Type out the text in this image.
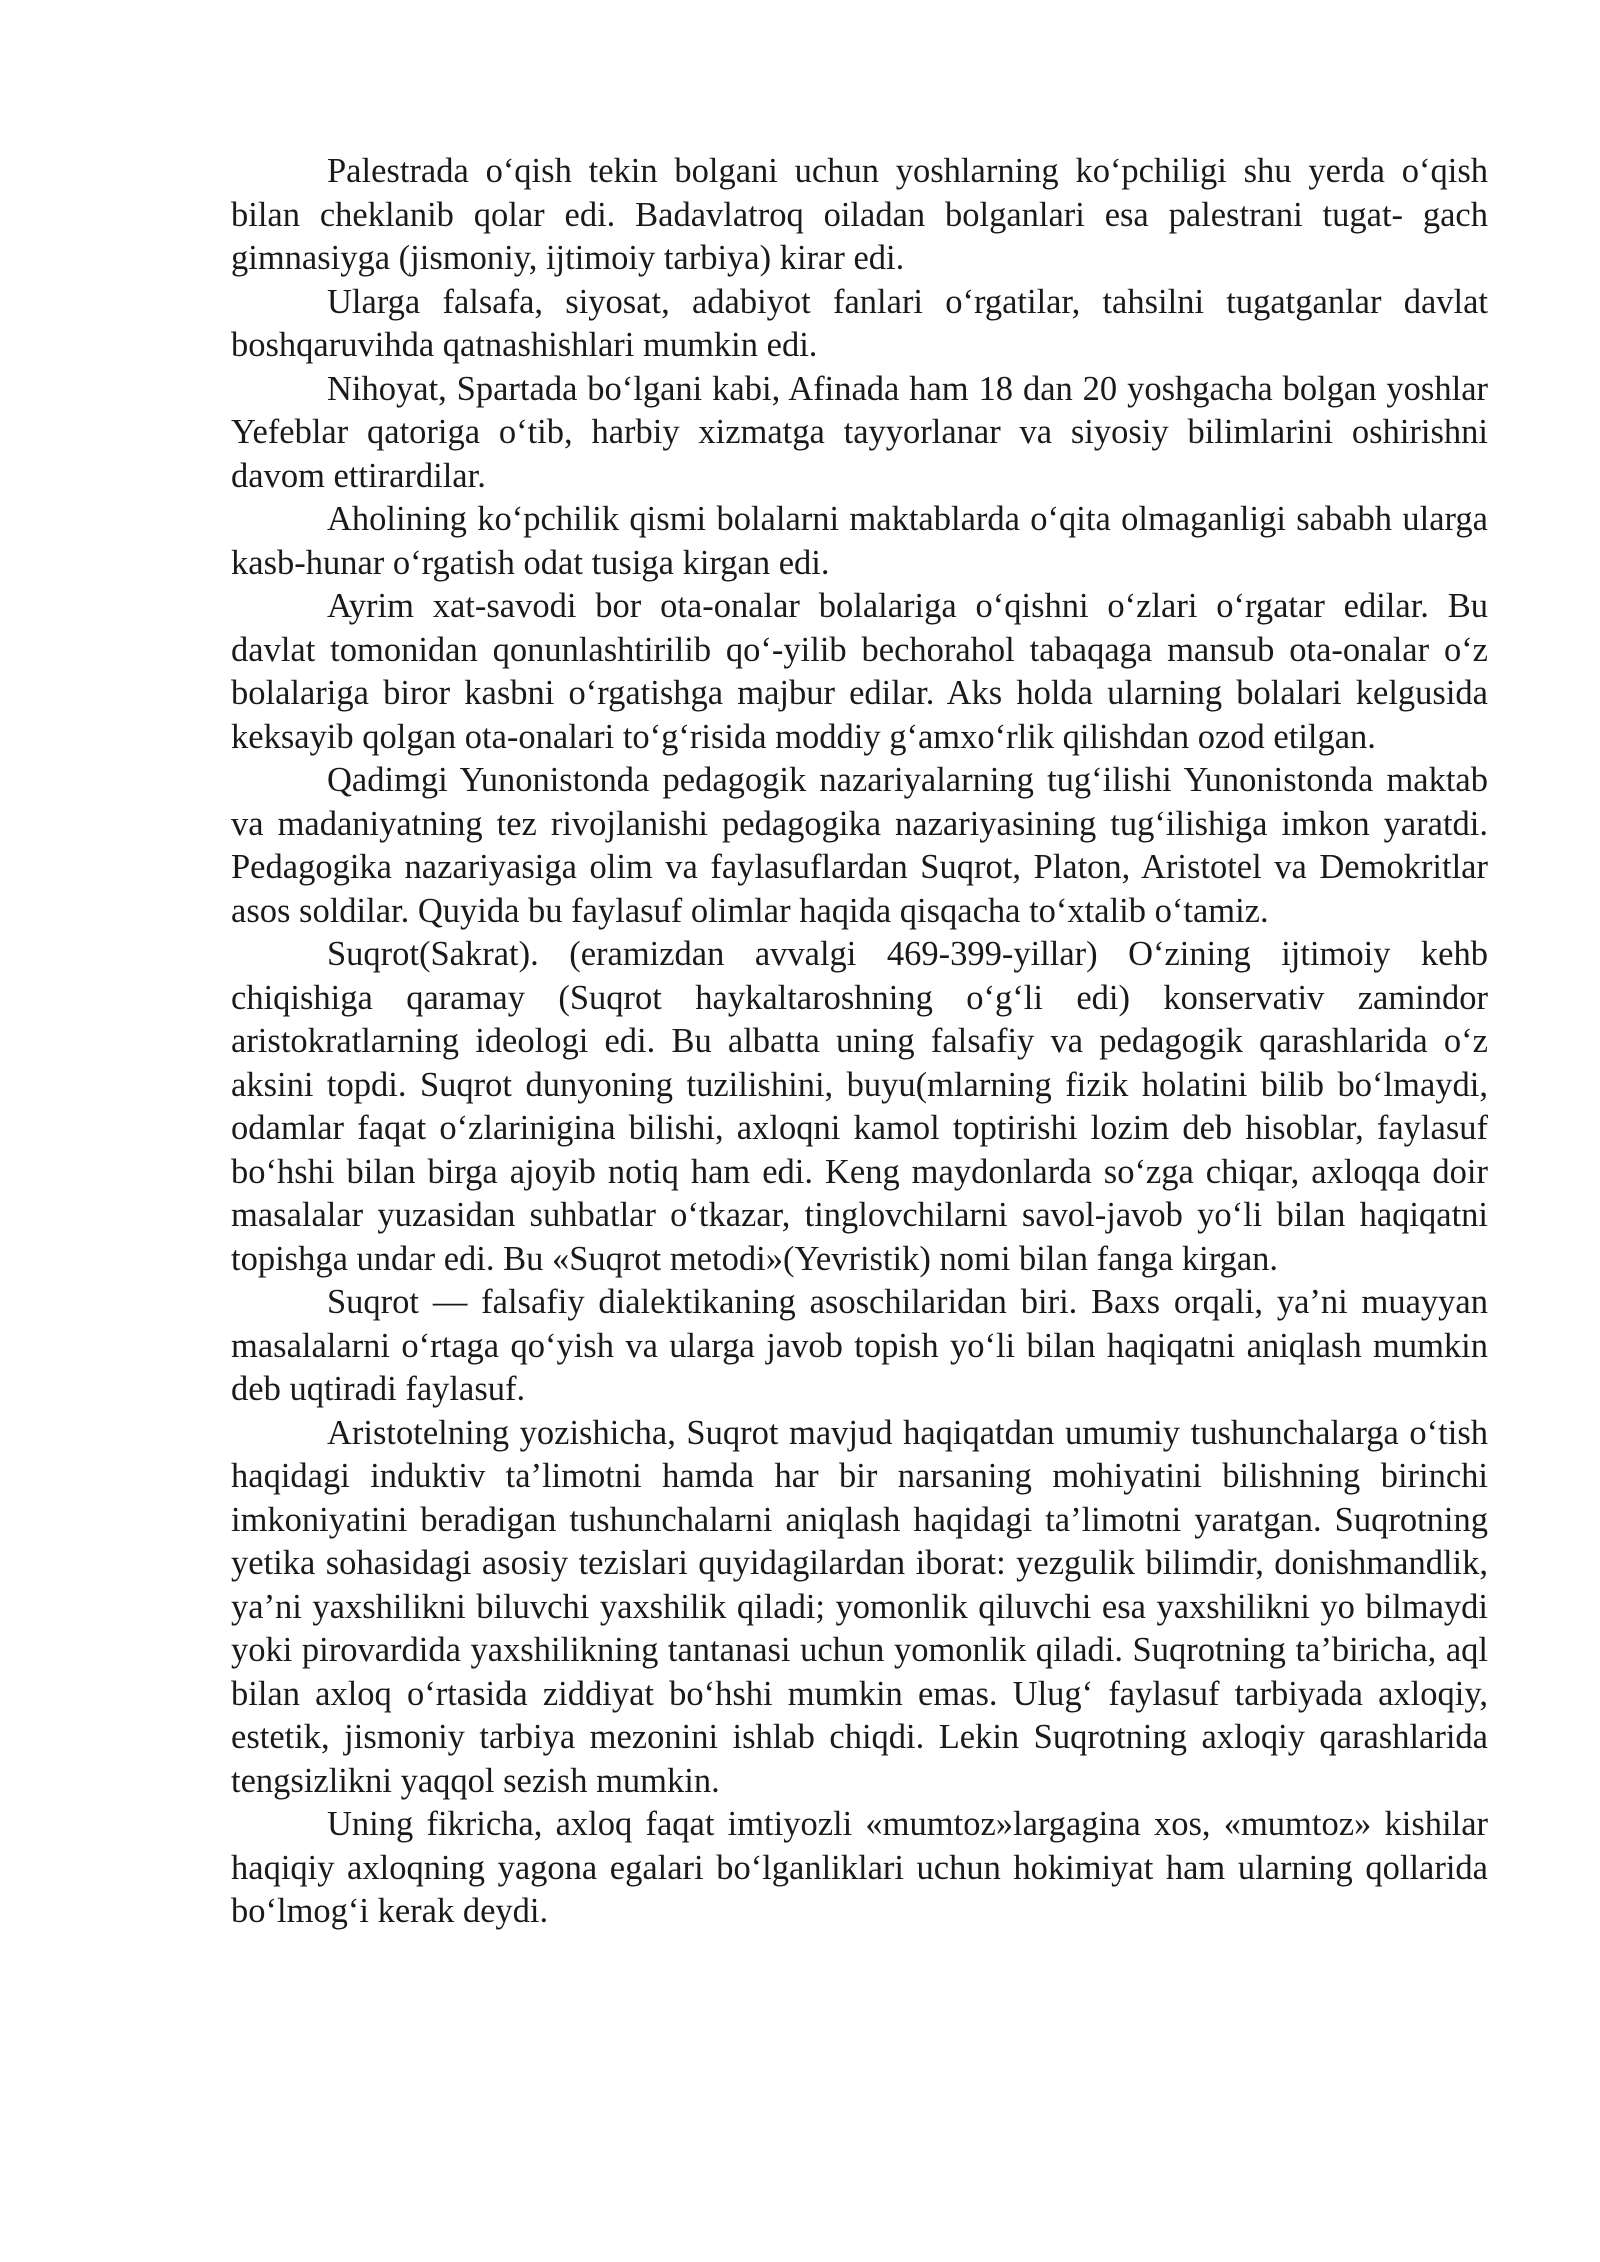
Palestrada o‘qish tekin bolgani uchun yoshlarning ko‘pchiligi shu yerda o‘qish bilan cheklanib qolar edi. Badavlatroq oiladan bolganlari esa palestrani tugat- gach gimnasiyga (jismoniy, ijtimoiy tarbiya) kirar edi.

Ularga falsafa, siyosat, adabiyot fanlari o‘rgatilar, tahsilni tugatganlar davlat boshqaruvihda qatnashishlari mumkin edi.

Nihoyat, Spartada bo‘lgani kabi, Afinada ham 18 dan 20 yoshgacha bolgan yoshlar Yefeblar qatoriga o‘tib, harbiy xizmatga tayyorlanar va siyosiy bilimlarini oshirishni davom ettirardilar.

Aholining ko‘pchilik qismi bolalarni maktablarda o‘qita olmaganligi sababh ularga kasb-hunar o‘rgatish odat tusiga kirgan edi.

Ayrim xat-savodi bor ota-onalar bolalariga o‘qishni o‘zlari o‘rgatar edilar. Bu davlat tomonidan qonunlashtirilib qo‘-yilib bechorahol tabaqaga mansub ota-onalar o‘z bolalariga biror kasbni o‘rgatishga majbur edilar. Aks holda ularning bolalari kelgusida keksayib qolgan ota-onalari to‘g‘risida moddiy g‘amxo‘rlik qilishdan ozod etilgan.

Qadimgi Yunonistonda pedagogik nazariyalarning tug‘ilishi Yunonistonda maktab va madaniyatning tez rivojlanishi pedagogika nazariyasining tug‘ilishiga imkon yaratdi. Pedagogika nazariyasiga olim va faylasuflardan Suqrot, Platon, Aristotel va Demokritlar asos soldilar. Quyida bu faylasuf olimlar haqida qisqacha to‘xtalib o‘tamiz.

Suqrot(Sakrat). (eramizdan avvalgi 469-399-yillar) O‘zining ijtimoiy kehb chiqishiga qaramay (Suqrot haykaltaroshning o‘g‘li edi) konservativ zamindor aristokratlarning ideologi edi. Bu albatta uning falsafiy va pedagogik qarashlarida o‘z aksini topdi. Suqrot dunyoning tuzilishini, buyu(mlarning fizik holatini bilib bo‘lmaydi, odamlar faqat o‘zlarinigina bilishi, axloqni kamol toptirishi lozim deb hisoblar, faylasuf bo‘hshi bilan birga ajoyib notiq ham edi. Keng maydonlarda so‘zga chiqar, axloqqa doir masalalar yuzasidan suhbatlar o‘tkazar, tinglovchilarni savol-javob yo‘li bilan haqiqatni topishga undar edi. Bu «Suqrot metodi»(Yevristik) nomi bilan fanga kirgan.

Suqrot — falsafiy dialektikaning asoschilaridan biri. Baxs orqali, ya’ni muayyan masalalarni o‘rtaga qo‘yish va ularga javob topish yo‘li bilan haqiqatni aniqlash mumkin deb uqtiradi faylasuf.

Aristotelning yozishicha, Suqrot mavjud haqiqatdan umumiy tushunchalarga o‘tish haqidagi induktiv ta’limotni hamda har bir narsaning mohiyatini bilishning birinchi imkoniyatini beradigan tushunchalarni aniqlash haqidagi ta’limotni yaratgan. Suqrotning yetika sohasidagi asosiy tezislari quyidagilardan iborat: yezgulik bilimdir, donishmandlik, ya’ni yaxshilikni biluvchi yaxshilik qiladi; yomonlik qiluvchi esa yaxshilikni yo bilmaydi yoki pirovardida yaxshilikning tantanasi uchun yomonlik qiladi. Suqrotning ta’biricha, aql bilan axloq o‘rtasida ziddiyat bo‘hshi mumkin emas. Ulug‘ faylasuf tarbiyada axloqiy, estetik, jismoniy tarbiya mezonini ishlab chiqdi. Lekin Suqrotning axloqiy qarashlarida tengsizlikni yaqqol sezish mumkin.

Uning fikricha, axloq faqat imtiyozli «mumtoz»largagina xos, «mumtoz» kishilar haqiqiy axloqning yagona egalari bo‘lganliklari uchun hokimiyat ham ularning qollarida bo‘lmog‘i kerak deydi.
